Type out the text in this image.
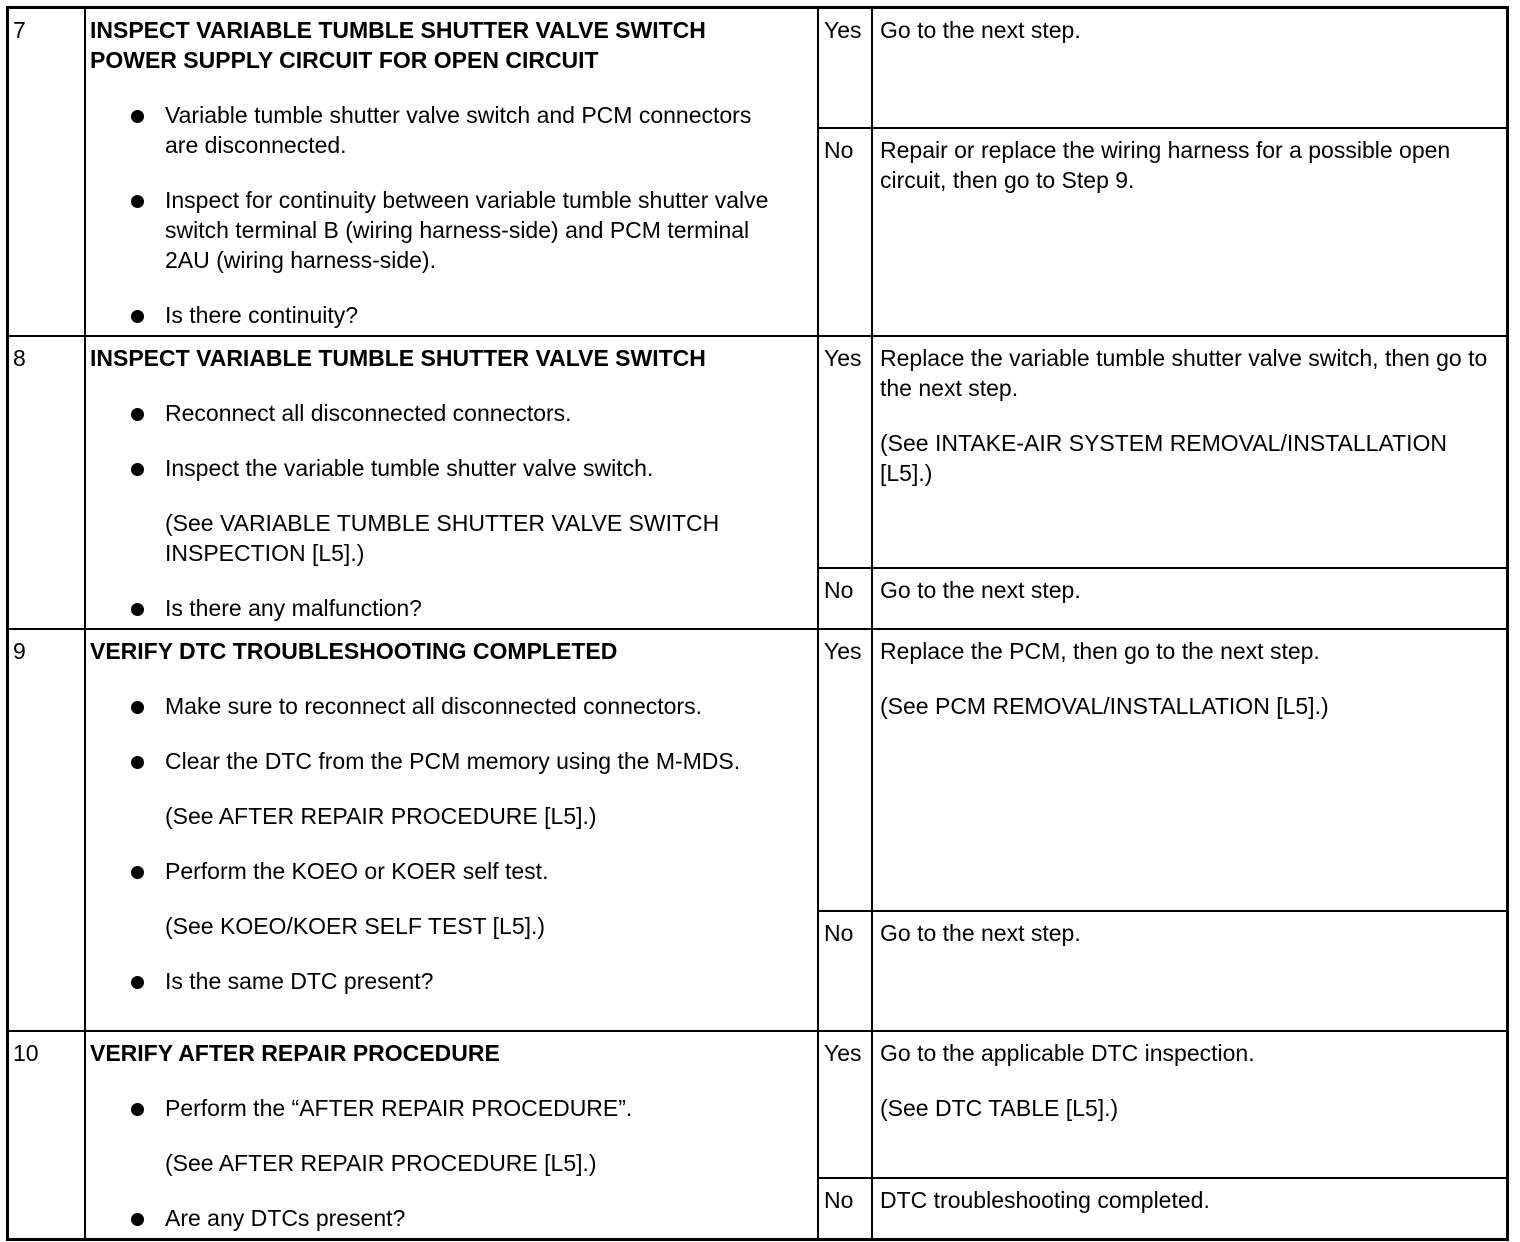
7	INSPECT VARIABLE TUMBLE SHUTTER VALVE SWITCH POWER SUPPLY CIRCUIT FOR OPEN CIRCUIT

Variable tumble shutter valve switch and PCM connectors are disconnected.
Inspect for continuity between variable tumble shutter valve switch terminal B (wiring harness-side) and PCM terminal 2AU (wiring harness-side).
Is there continuity?
Yes Go to the next step.

No Repair or replace the wiring harness for a possible open circuit, then go to Step 9.

8	INSPECT VARIABLE TUMBLE SHUTTER VALVE SWITCH

Reconnect all disconnected connectors.
Inspect the variable tumble shutter valve switch.
(See VARIABLE TUMBLE SHUTTER VALVE SWITCH INSPECTION [L5].)
Is there any malfunction?
Yes Replace the variable tumble shutter valve switch, then go to the next step.

(See INTAKE-AIR SYSTEM REMOVAL/INSTALLATION [L5].)

No Go to the next step.

9	VERIFY DTC TROUBLESHOOTING COMPLETED

Make sure to reconnect all disconnected connectors.
Clear the DTC from the PCM memory using the M-MDS.
(See AFTER REPAIR PROCEDURE [L5].)
Perform the KOEO or KOER self test.
(See KOEO/KOER SELF TEST [L5].)
Is the same DTC present?
Yes Replace the PCM, then go to the next step.

(See PCM REMOVAL/INSTALLATION [L5].)

No Go to the next step.

10 VERIFY AFTER REPAIR PROCEDURE

Perform the “AFTER REPAIR PROCEDURE”.
(See AFTER REPAIR PROCEDURE [L5].)
Are any DTCs present?
Yes Go to the applicable DTC inspection.

(See DTC TABLE [L5].)

No DTC troubleshooting completed.
